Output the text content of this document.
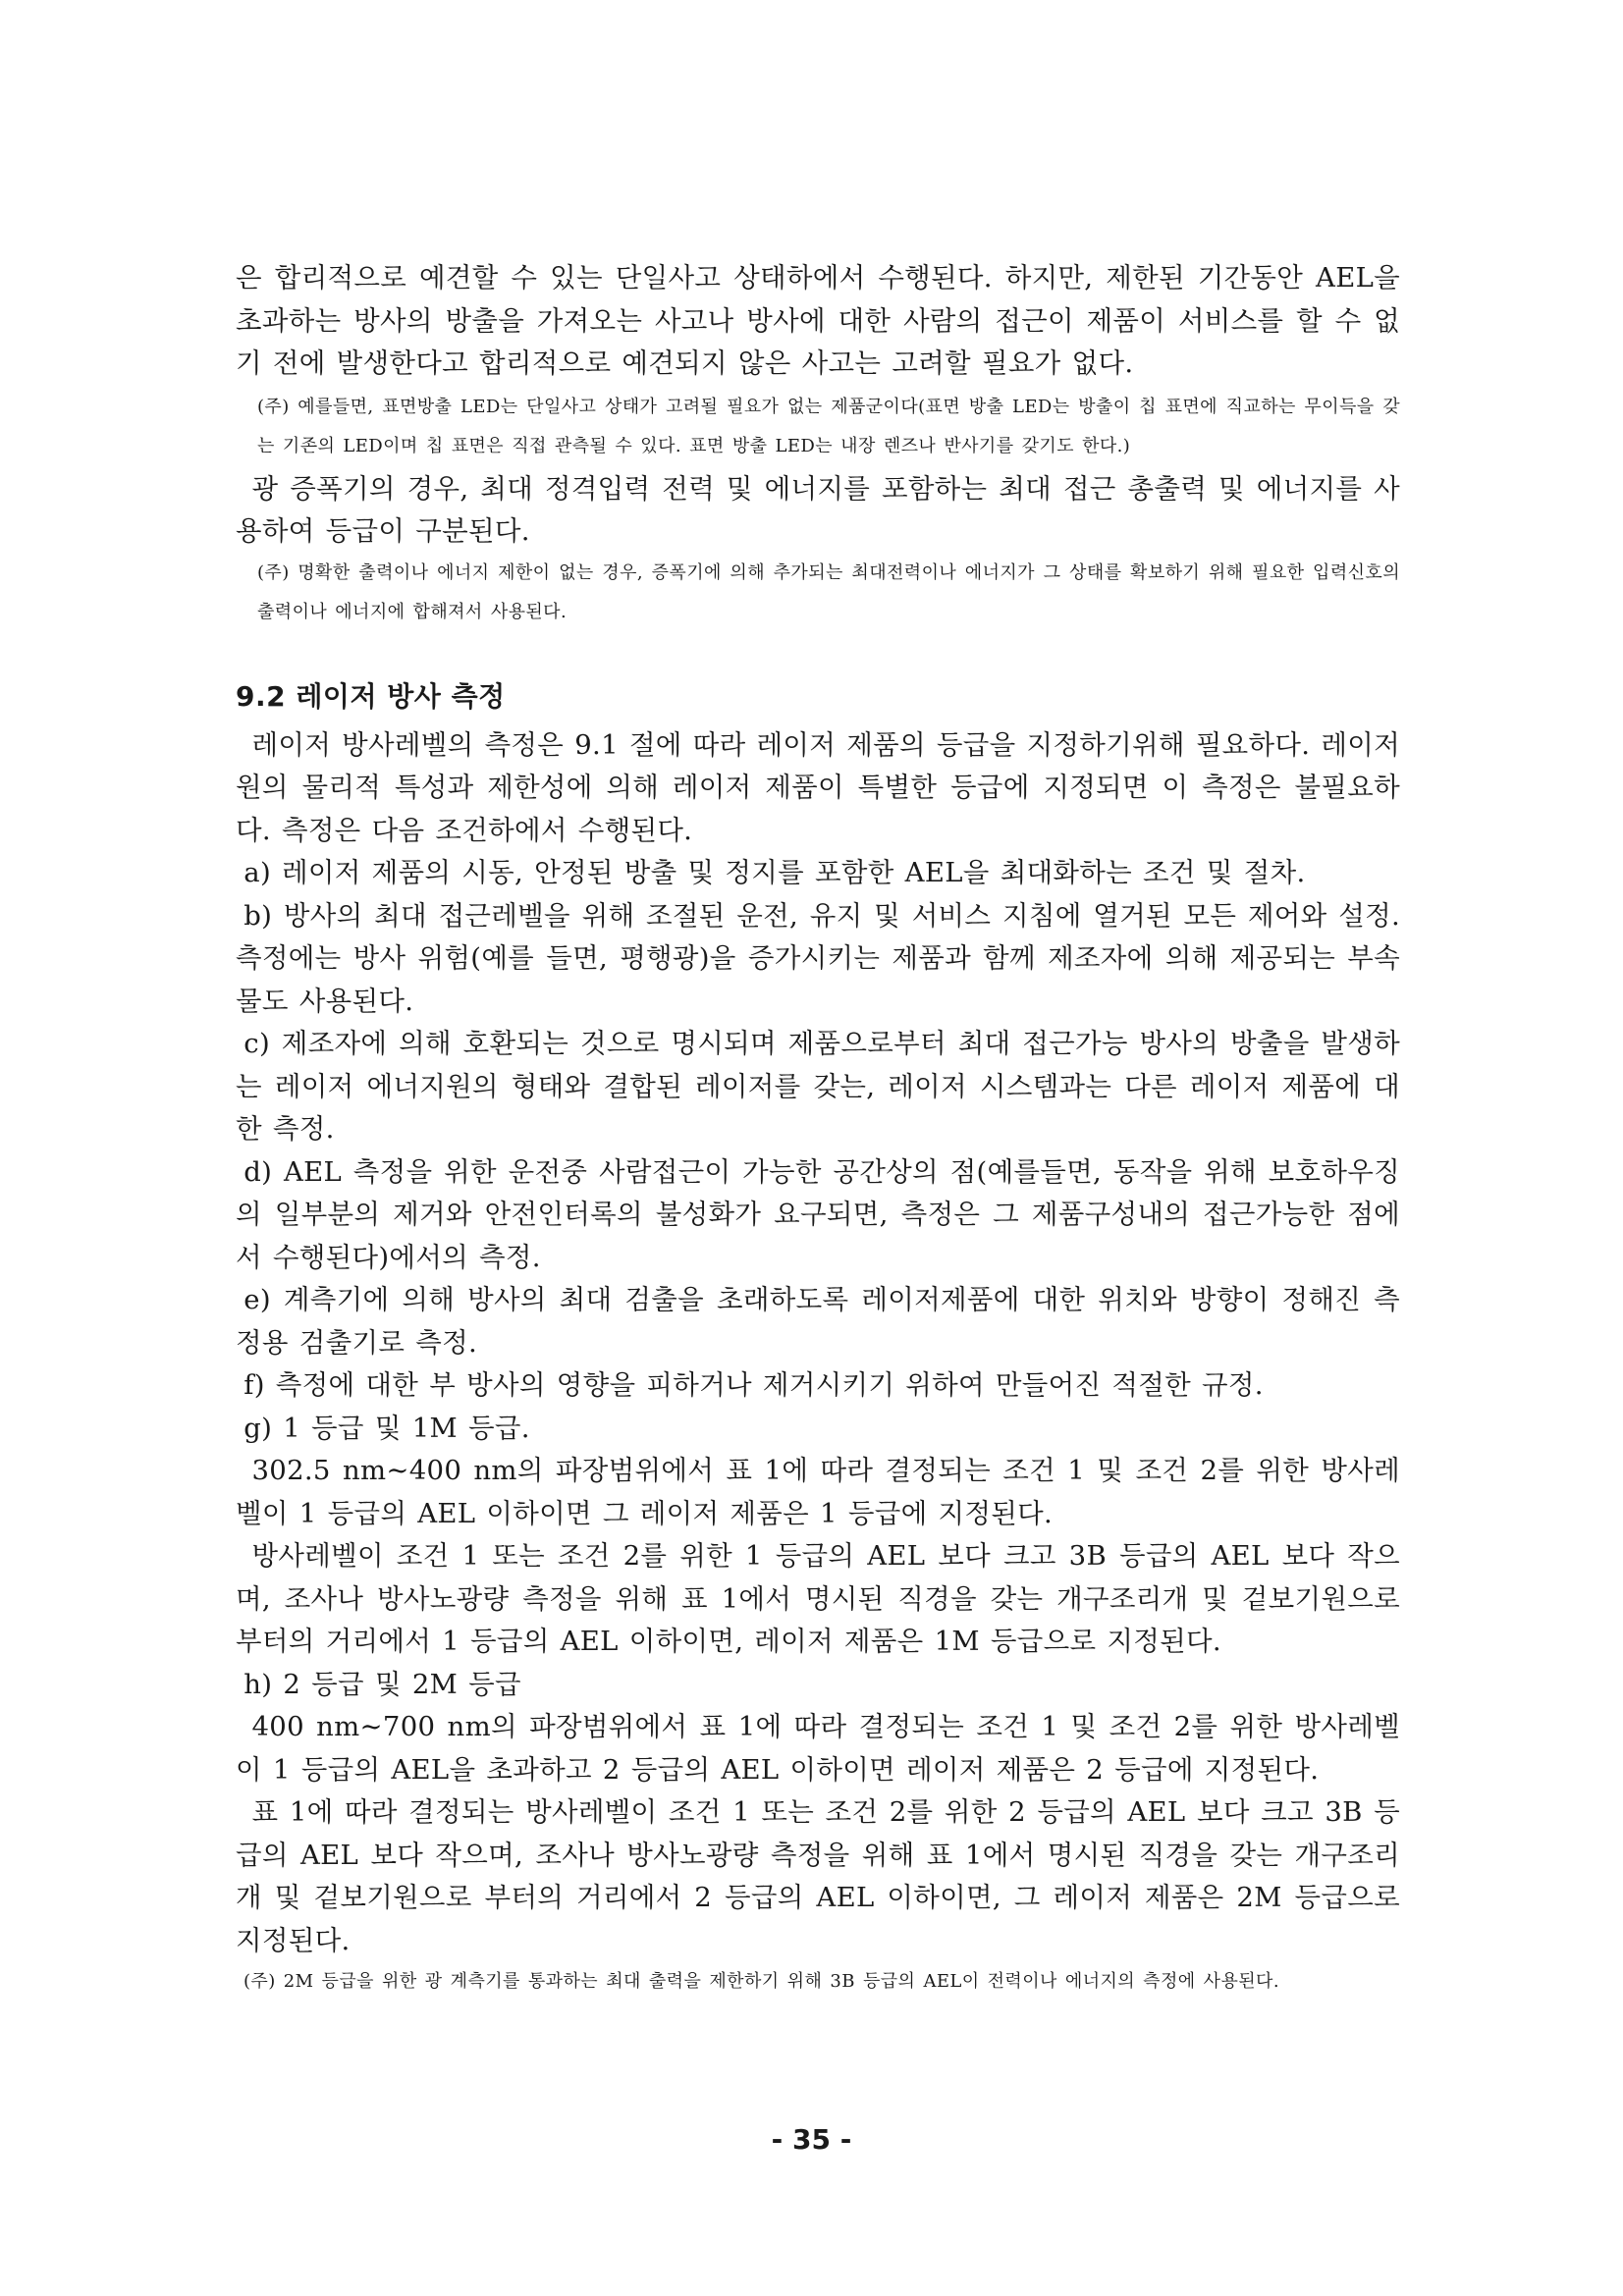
은 합리적으로 예견할 수 있는 단일사고 상태하에서 수행된다. 하지만, 제한된 기간동안 AEL을 초과하는 방사의 방출을 가져오는 사고나 방사에 대한 사람의 접근이 제품이 서비스를 할 수 없기 전에 발생한다고 합리적으로 예견되지 않은 사고는 고려할 필요가 없다.

(주) 예를들면, 표면방출 LED는 단일사고 상태가 고려될 필요가 없는 제품군이다(표면 방출 LED는 방출이 칩 표면에 직교하는 무이득을 갖는 기존의 LED이며 칩 표면은 직접 관측될 수 있다. 표면 방출 LED는 내장 렌즈나 반사기를 갖기도 한다.)

광 증폭기의 경우, 최대 정격입력 전력 및 에너지를 포함하는 최대 접근 총출력 및 에너지를 사용하여 등급이 구분된다.

(주) 명확한 출력이나 에너지 제한이 없는 경우, 증폭기에 의해 추가되는 최대전력이나 에너지가 그 상태를 확보하기 위해 필요한 입력신호의 출력이나 에너지에 합해져서 사용된다.

9.2 레이저 방사 측정

레이저 방사레벨의 측정은 9.1 절에 따라 레이저 제품의 등급을 지정하기위해 필요하다. 레이저원의 물리적 특성과 제한성에 의해 레이저 제품이 특별한 등급에 지정되면 이 측정은 불필요하다. 측정은 다음 조건하에서 수행된다.

a) 레이저 제품의 시동, 안정된 방출 및 정지를 포함한 AEL을 최대화하는 조건 및 절차.

b) 방사의 최대 접근레벨을 위해 조절된 운전, 유지 및 서비스 지침에 열거된 모든 제어와 설정. 측정에는 방사 위험(예를 들면, 평행광)을 증가시키는 제품과 함께 제조자에 의해 제공되는 부속물도 사용된다.

c) 제조자에 의해 호환되는 것으로 명시되며 제품으로부터 최대 접근가능 방사의 방출을 발생하는 레이저 에너지원의 형태와 결합된 레이저를 갖는, 레이저 시스템과는 다른 레이저 제품에 대한 측정.

d) AEL 측정을 위한 운전중 사람접근이 가능한 공간상의 점(예를들면, 동작을 위해 보호하우징의 일부분의 제거와 안전인터록의 불성화가 요구되면, 측정은 그 제품구성내의 접근가능한 점에서 수행된다)에서의 측정.

e) 계측기에 의해 방사의 최대 검출을 초래하도록 레이저제품에 대한 위치와 방향이 정해진 측정용 검출기로 측정.

f) 측정에 대한 부 방사의 영향을 피하거나 제거시키기 위하여 만들어진 적절한 규정.

g) 1 등급 및 1M 등급.

302.5 nm∼400 nm의 파장범위에서 표 1에 따라 결정되는 조건 1 및 조건 2를 위한 방사레벨이 1 등급의 AEL 이하이면 그 레이저 제품은 1 등급에 지정된다.

방사레벨이 조건 1 또는 조건 2를 위한 1 등급의 AEL 보다 크고 3B 등급의 AEL 보다 작으며, 조사나 방사노광량 측정을 위해 표 1에서 명시된 직경을 갖는 개구조리개 및 겉보기원으로 부터의 거리에서 1 등급의 AEL 이하이면, 레이저 제품은 1M 등급으로 지정된다.

h) 2 등급 및 2M 등급

400 nm∼700 nm의 파장범위에서 표 1에 따라 결정되는 조건 1 및 조건 2를 위한 방사레벨이 1 등급의 AEL을 초과하고 2 등급의 AEL 이하이면 레이저 제품은 2 등급에 지정된다.

표 1에 따라 결정되는 방사레벨이 조건 1 또는 조건 2를 위한 2 등급의 AEL 보다 크고 3B 등급의 AEL 보다 작으며, 조사나 방사노광량 측정을 위해 표 1에서 명시된 직경을 갖는 개구조리개 및 겉보기원으로 부터의 거리에서 2 등급의 AEL 이하이면, 그 레이저 제품은 2M 등급으로 지정된다.

(주) 2M 등급을 위한 광 계측기를 통과하는 최대 출력을 제한하기 위해 3B 등급의 AEL이 전력이나 에너지의 측정에 사용된다.

- 35 -
